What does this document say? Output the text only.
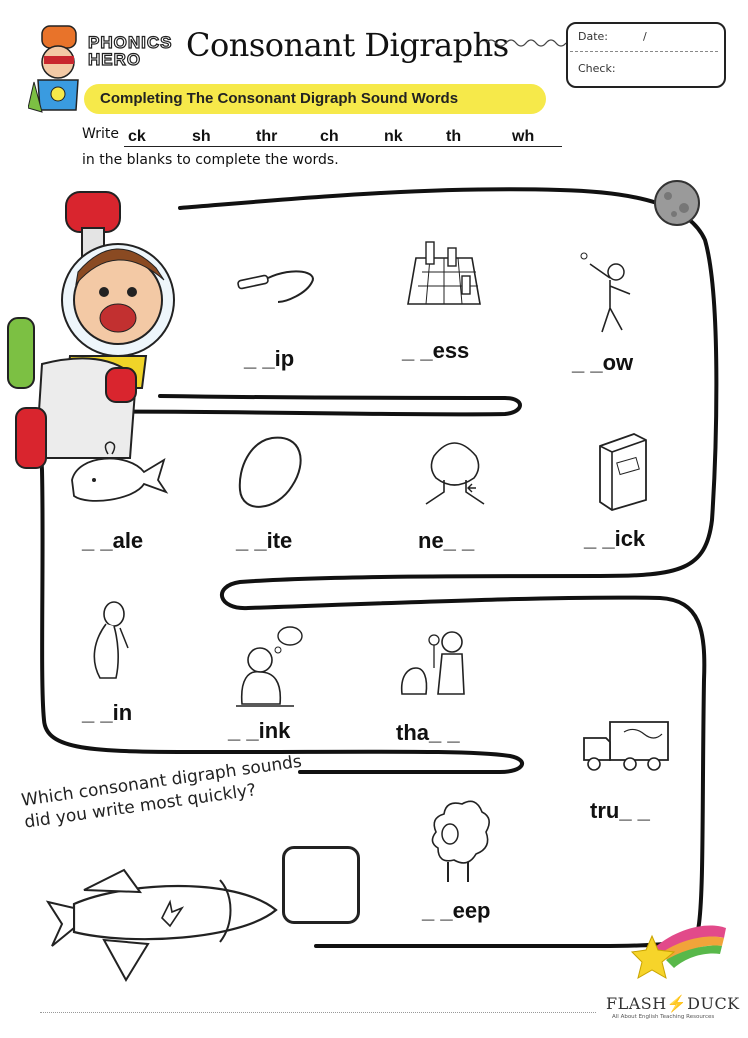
PHONICS
HERO	Consonant Digraphs	Date:	/
Check:
Completing The Consonant Digraph Sound Words
Write ck	sh	thr	ch	nk	th	wh
in the blanks to complete the words.
_ _ip	_ _ess	_ _ow
_ _ale	_ _ite	ne_ _	_ _ick
_ _in
_ _ink	tha_ _
tru_ _
_ _eep
Which consonant digraph sounds did you write most quickly?
FLASH⚡DUCK
All About English Teaching Resources
